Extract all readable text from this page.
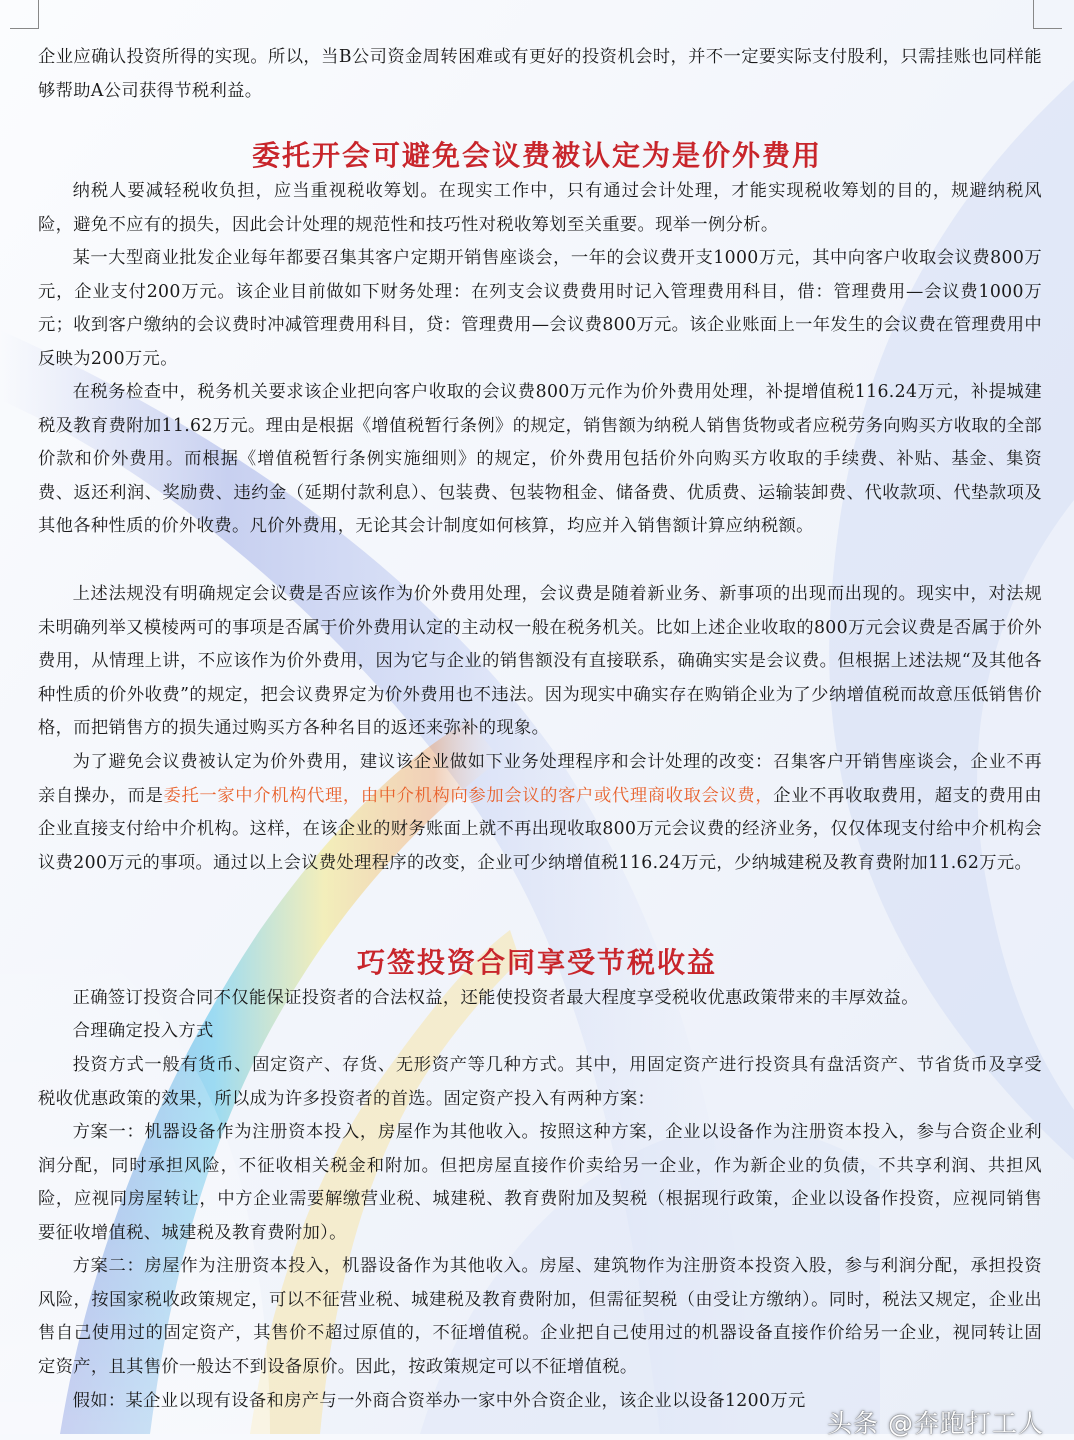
企业应确认投资所得的实现。所以，当B公司资金周转困难或有更好的投资机会时，并不一定要实际支付股利，只需挂账也同样能够帮助A公司获得节税利益。

委托开会可避免会议费被认定为是价外费用

纳税人要减轻税收负担，应当重视税收筹划。在现实工作中，只有通过会计处理，才能实现税收筹划的目的，规避纳税风险，避免不应有的损失，因此会计处理的规范性和技巧性对税收筹划至关重要。现举一例分析。

某一大型商业批发企业每年都要召集其客户定期开销售座谈会，一年的会议费开支1000万元，其中向客户收取会议费800万元，企业支付200万元。该企业目前做如下财务处理：在列支会议费费用时记入管理费用科目，借：管理费用—会议费1000万元；收到客户缴纳的会议费时冲减管理费用科目，贷：管理费用—会议费800万元。该企业账面上一年发生的会议费在管理费用中反映为200万元。

在税务检查中，税务机关要求该企业把向客户收取的会议费800万元作为价外费用处理，补提增值税116.24万元，补提城建税及教育费附加11.62万元。理由是根据《增值税暂行条例》的规定，销售额为纳税人销售货物或者应税劳务向购买方收取的全部价款和价外费用。而根据《增值税暂行条例实施细则》的规定，价外费用包括价外向购买方收取的手续费、补贴、基金、集资费、返还利润、奖励费、违约金（延期付款利息）、包装费、包装物租金、储备费、优质费、运输装卸费、代收款项、代垫款项及其他各种性质的价外收费。凡价外费用，无论其会计制度如何核算，均应并入销售额计算应纳税额。

上述法规没有明确规定会议费是否应该作为价外费用处理，会议费是随着新业务、新事项的出现而出现的。现实中，对法规未明确列举又模棱两可的事项是否属于价外费用认定的主动权一般在税务机关。比如上述企业收取的800万元会议费是否属于价外费用，从情理上讲，不应该作为价外费用，因为它与企业的销售额没有直接联系，确确实实是会议费。但根据上述法规“及其他各种性质的价外收费”的规定，把会议费界定为价外费用也不违法。因为现实中确实存在购销企业为了少纳增值税而故意压低销售价格，而把销售方的损失通过购买方各种名目的返还来弥补的现象。

为了避免会议费被认定为价外费用，建议该企业做如下业务处理程序和会计处理的改变：召集客户开销售座谈会，企业不再亲自操办，而是委托一家中介机构代理，由中介机构向参加会议的客户或代理商收取会议费，企业不再收取费用，超支的费用由企业直接支付给中介机构。这样，在该企业的财务账面上就不再出现收取800万元会议费的经济业务，仅仅体现支付给中介机构会议费200万元的事项。通过以上会议费处理程序的改变，企业可少纳增值税116.24万元，少纳城建税及教育费附加11.62万元。

巧签投资合同享受节税收益

正确签订投资合同不仅能保证投资者的合法权益，还能使投资者最大程度享受税收优惠政策带来的丰厚效益。

合理确定投入方式

投资方式一般有货币、固定资产、存货、无形资产等几种方式。其中，用固定资产进行投资具有盘活资产、节省货币及享受税收优惠政策的效果，所以成为许多投资者的首选。固定资产投入有两种方案：

方案一：机器设备作为注册资本投入，房屋作为其他收入。按照这种方案，企业以设备作为注册资本投入，参与合资企业利润分配，同时承担风险，不征收相关税金和附加。但把房屋直接作价卖给另一企业，作为新企业的负债，不共享利润、共担风险，应视同房屋转让，中方企业需要解缴营业税、城建税、教育费附加及契税（根据现行政策，企业以设备作投资，应视同销售要征收增值税、城建税及教育费附加）。

方案二：房屋作为注册资本投入，机器设备作为其他收入。房屋、建筑物作为注册资本投资入股，参与利润分配，承担投资风险，按国家税收政策规定，可以不征营业税、城建税及教育费附加，但需征契税（由受让方缴纳）。同时，税法又规定，企业出售自己使用过的固定资产，其售价不超过原值的，不征增值税。企业把自己使用过的机器设备直接作价给另一企业，视同转让固定资产，且其售价一般达不到设备原价。因此，按政策规定可以不征增值税。

假如：某企业以现有设备和房产与一外商合资举办一家中外合资企业，该企业以设备1200万元

头条 @奔跑打工人
